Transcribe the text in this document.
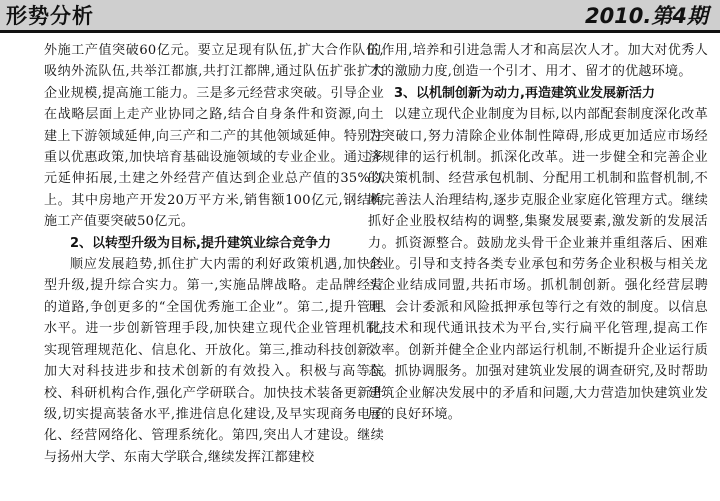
形势分析	2010.第4期

外施工产值突破60亿元。要立足现有队伍,扩大合作队伍,吸纳外流队伍,共举江都旗,共打江都牌,通过队伍扩张扩大企业规模,提高施工能力。三是多元经营求突破。引导企业在战略层面上走产业协同之路,结合自身条件和资源,向土建上下游领域延伸,向三产和二产的其他领域延伸。特别注重以优惠政策,加快培育基础设施领域的专业企业。通过多元延伸拓展,土建之外经营产值达到企业总产值的35%以上。其中房地产开发20万平方米,销售额100亿元,钢结构施工产值要突破50亿元。

2、以转型升级为目标,提升建筑业综合竞争力

顺应发展趋势,抓住扩大内需的利好政策机遇,加快转型升级,提升综合实力。第一,实施品牌战略。走品牌经营的道路,争创更多的“全国优秀施工企业”。第二,提升管理水平。进一步创新管理手段,加快建立现代企业管理机制,实现管理规范化、信息化、开放化。第三,推动科技创新。加大对科技进步和技术创新的有效投入。积极与高等院校、科研机构合作,强化产学研联合。加快技术装备更新升级,切实提高装备水平,推进信息化建设,及早实现商务电子化、经营网络化、管理系统化。第四,突出人才建设。继续与扬州大学、东南大学联合,继续发挥江都建校

的作用,培养和引进急需人才和高层次人才。加大对优秀人才的激励力度,创造一个引才、用才、留才的优越环境。

3、以机制创新为动力,再造建筑业发展新活力

以建立现代企业制度为目标,以内部配套制度深化改革为突破口,努力清除企业体制性障碍,形成更加适应市场经济规律的运行机制。抓深化改革。进一步健全和完善企业的决策机制、经营承包机制、分配用工机制和监督机制,不断完善法人治理结构,逐步克服企业家庭化管理方式。继续抓好企业股权结构的调整,集聚发展要素,激发新的发展活力。抓资源整合。鼓励龙头骨干企业兼并重组落后、困难企业。引导和支持各类专业承包和劳务企业积极与相关龙头企业结成同盟,共拓市场。抓机制创新。强化经营层聘用、会计委派和风险抵押承包等行之有效的制度。以信息化技术和现代通讯技术为平台,实行扁平化管理,提高工作效率。创新并健全企业内部运行机制,不断提升企业运行质态。抓协调服务。加强对建筑业发展的调查研究,及时帮助建筑企业解决发展中的矛盾和问题,大力营造加快建筑业发展的良好环境。
